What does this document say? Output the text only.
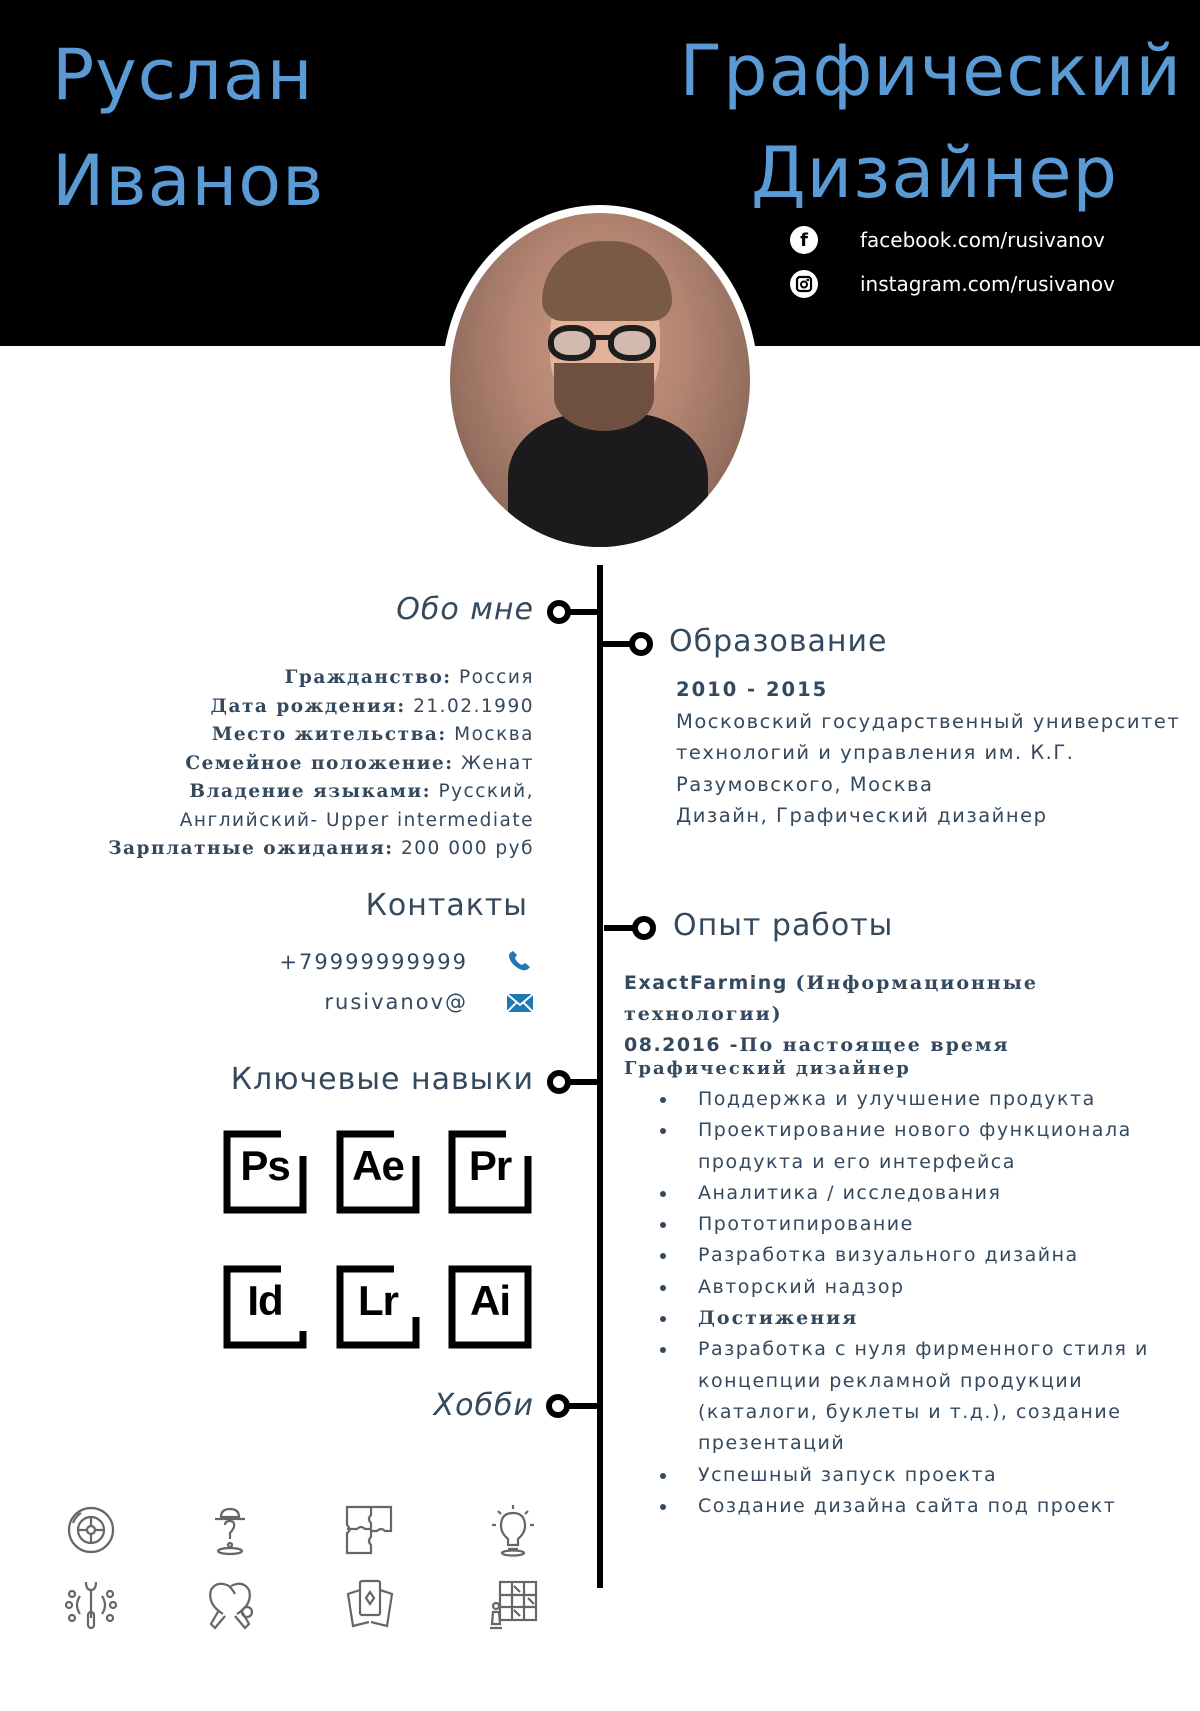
Руслан
Иванов
Графический
Дизайнер
f	facebook.com/rusivanov
instagram.com/rusivanov
Обо мне
Гражданство: Россия
Дата рождения: 21.02.1990
Место жительства: Москва
Семейное положение: Женат
Владение языками: Русский,
Английский- Upper intermediate
Зарплатные ожидания: 200 000 руб
Контакты
+79999999999
rusivanov@
Ключевые навыки
Ps	Ae	Pr
Id	Lr	Ai
Хобби
Образование
2010 - 2015
Московский государственный университет
технологий и управления им. К.Г.
Разумовского, Москва
Дизайн, Графический дизайнер
Опыт работы
ExactFarming (Информационные технологии)
08.2016 -По настоящее время
Графический дизайнер
Поддержка и улучшение продукта
Проектирование нового функционала продукта и его интерфейса
Аналитика / исследования
Прототипирование
Разработка визуального дизайна
Авторский надзор
Достижения
Разработка с нуля фирменного стиля и концепции рекламной продукции (каталоги, буклеты и т.д.), создание презентаций
Успешный запуск проекта
Создание дизайна сайта под проект
